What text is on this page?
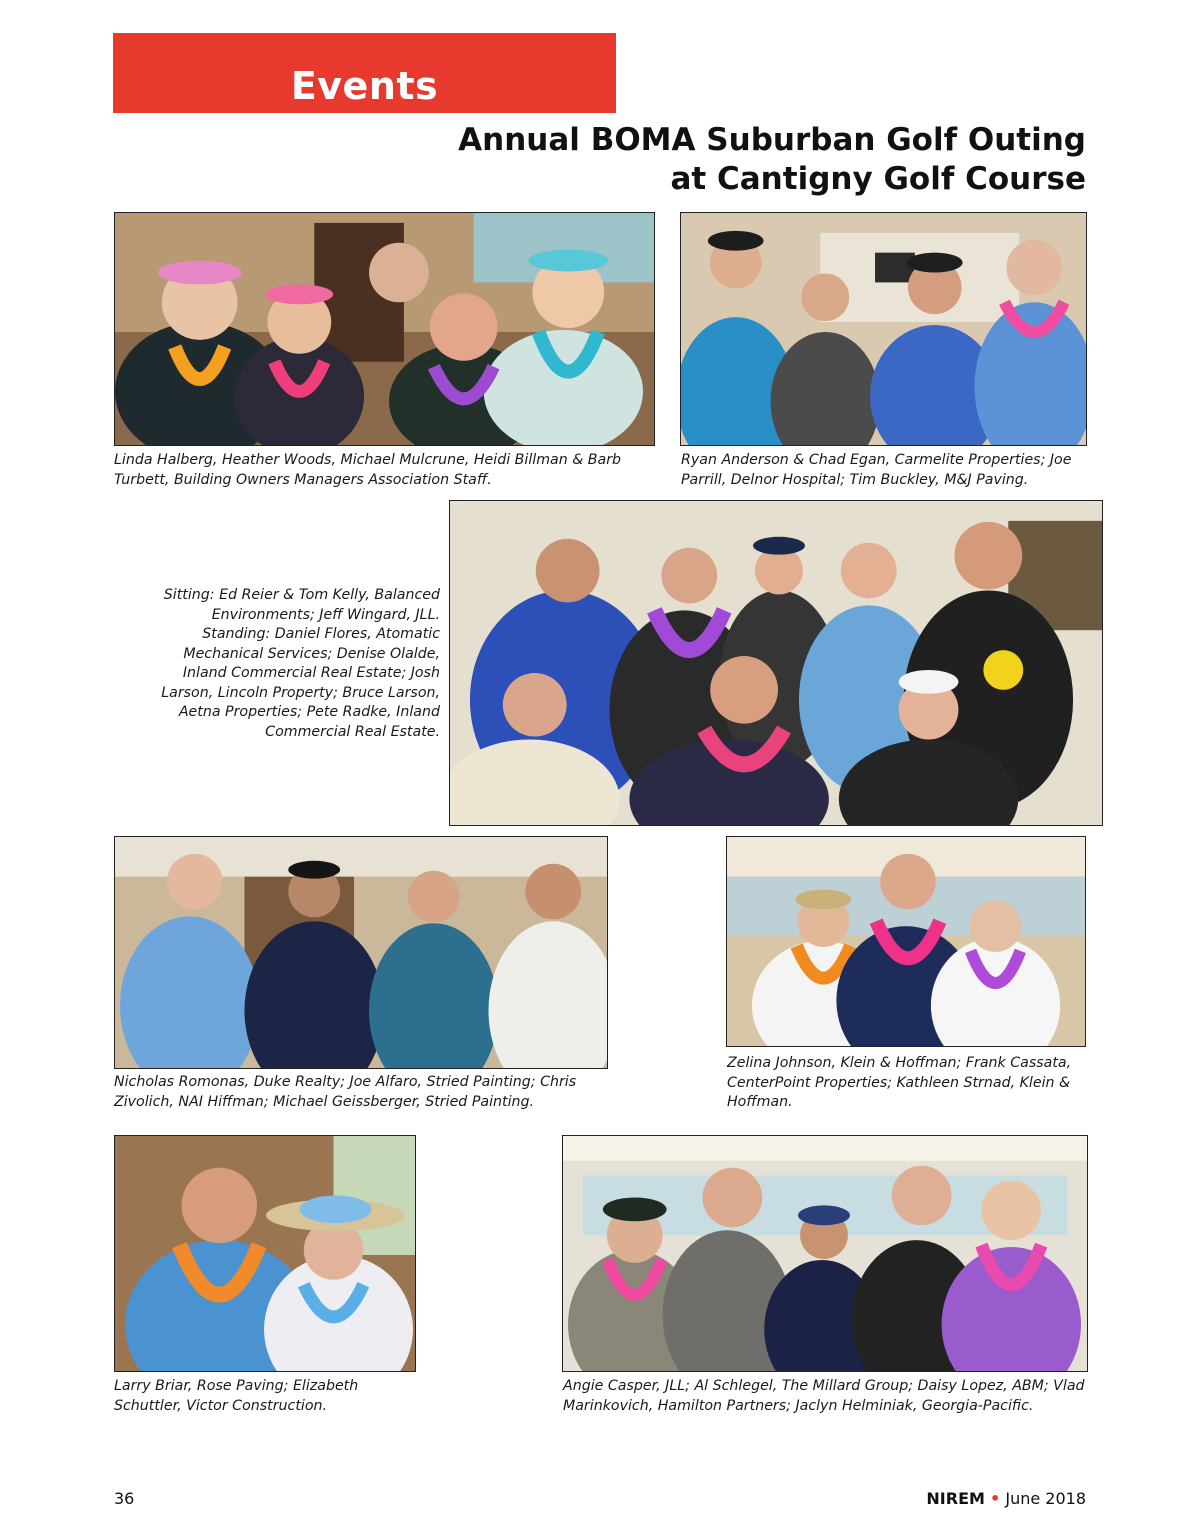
Events
Annual BOMA Suburban Golf Outing
at Cantigny Golf Course

Linda Halberg, Heather Woods, Michael Mulcrune, Heidi Billman & Barb Turbett, Building Owners Managers Association Staff.

Ryan Anderson & Chad Egan, Carmelite Properties; Joe Parrill, Delnor Hospital; Tim Buckley, M&J Paving.

Sitting: Ed Reier & Tom Kelly, Balanced
Environments; Jeff Wingard, JLL.
Standing: Daniel Flores, Atomatic
Mechanical Services; Denise Olalde,
Inland Commercial Real Estate; Josh
Larson, Lincoln Property; Bruce Larson,
Aetna Properties; Pete Radke, Inland
Commercial Real Estate.

Nicholas Romonas, Duke Realty; Joe Alfaro, Stried Painting; Chris Zivolich, NAI Hiffman; Michael Geissberger, Stried Painting.

Zelina Johnson, Klein & Hoffman; Frank Cassata, CenterPoint Properties; Kathleen Strnad, Klein & Hoffman.

Larry Briar, Rose Paving; Elizabeth Schuttler, Victor Construction.

Angie Casper, JLL; Al Schlegel, The Millard Group; Daisy Lopez, ABM; Vlad Marinkovich, Hamilton Partners; Jaclyn Helminiak, Georgia-Pacific.

36	NIREM • June 2018
